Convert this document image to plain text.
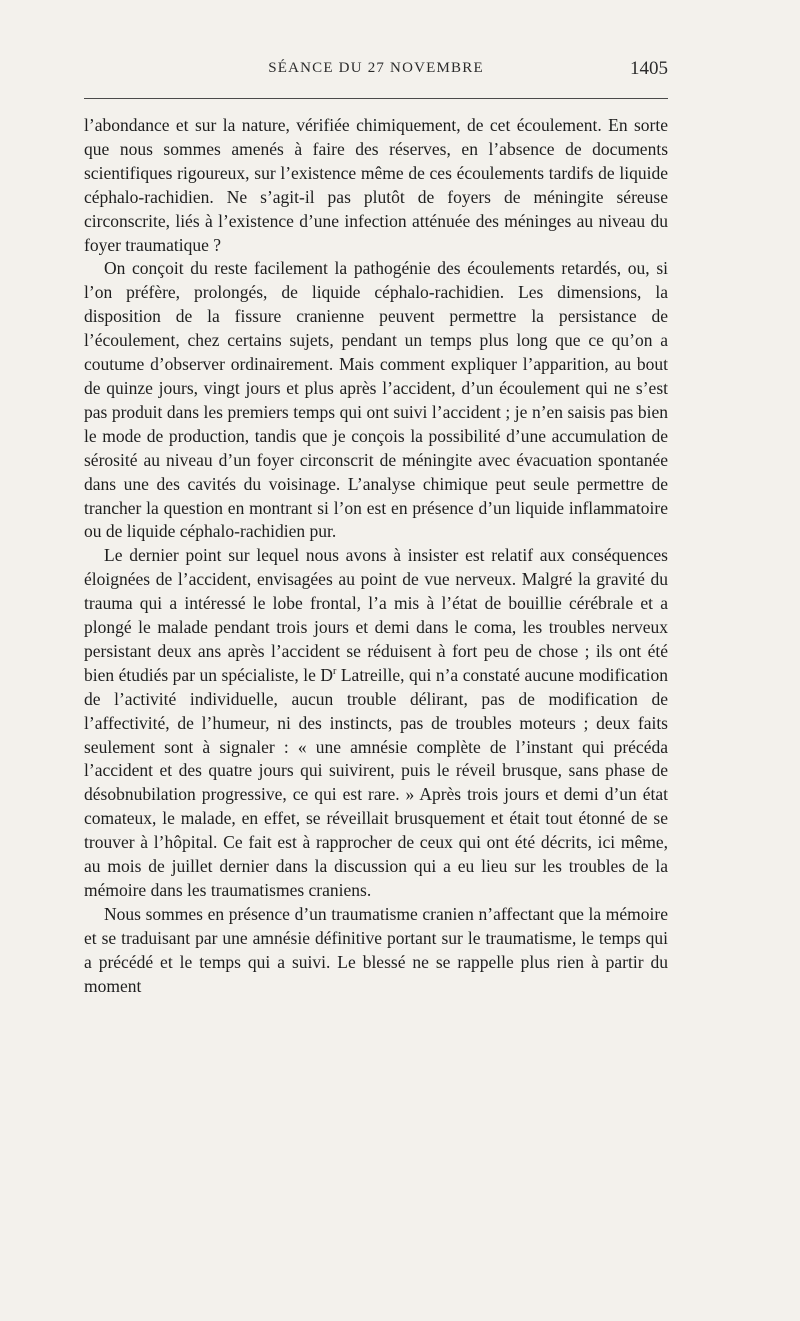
SÉANCE DU 27 NOVEMBRE	1405

l’abondance et sur la nature, vérifiée chimiquement, de cet écoulement. En sorte que nous sommes amenés à faire des réserves, en l’absence de documents scientifiques rigoureux, sur l’existence même de ces écoulements tardifs de liquide céphalo-rachidien. Ne s’agit-il pas plutôt de foyers de méningite séreuse circonscrite, liés à l’existence d’une infection atténuée des méninges au niveau du foyer traumatique ?

On conçoit du reste facilement la pathogénie des écoulements retardés, ou, si l’on préfère, prolongés, de liquide céphalo-rachidien. Les dimensions, la disposition de la fissure cranienne peuvent permettre la persistance de l’écoulement, chez certains sujets, pendant un temps plus long que ce qu’on a coutume d’observer ordinairement. Mais comment expliquer l’apparition, au bout de quinze jours, vingt jours et plus après l’accident, d’un écoulement qui ne s’est pas produit dans les premiers temps qui ont suivi l’accident ; je n’en saisis pas bien le mode de production, tandis que je conçois la possibilité d’une accumulation de sérosité au niveau d’un foyer circonscrit de méningite avec évacuation spontanée dans une des cavités du voisinage. L’analyse chimique peut seule permettre de trancher la question en montrant si l’on est en présence d’un liquide inflammatoire ou de liquide céphalo-rachidien pur.

Le dernier point sur lequel nous avons à insister est relatif aux conséquences éloignées de l’accident, envisagées au point de vue nerveux. Malgré la gravité du trauma qui a intéressé le lobe frontal, l’a mis à l’état de bouillie cérébrale et a plongé le malade pendant trois jours et demi dans le coma, les troubles nerveux persistant deux ans après l’accident se réduisent à fort peu de chose ; ils ont été bien étudiés par un spécialiste, le $D^r$ Latreille, qui n’a constaté aucune modification de l’activité individuelle, aucun trouble délirant, pas de modification de l’affectivité, de l’humeur, ni des instincts, pas de troubles moteurs ; deux faits seulement sont à signaler : « une amnésie complète de l’instant qui précéda l’accident et des quatre jours qui suivirent, puis le réveil brusque, sans phase de désobnubilation progressive, ce qui est rare. » Après trois jours et demi d’un état comateux, le malade, en effet, se réveillait brusquement et était tout étonné de se trouver à l’hôpital. Ce fait est à rapprocher de ceux qui ont été décrits, ici même, au mois de juillet dernier dans la discussion qui a eu lieu sur les troubles de la mémoire dans les traumatismes craniens.

Nous sommes en présence d’un traumatisme cranien n’affectant que la mémoire et se traduisant par une amnésie définitive portant sur le traumatisme, le temps qui a précédé et le temps qui a suivi. Le blessé ne se rappelle plus rien à partir du moment
